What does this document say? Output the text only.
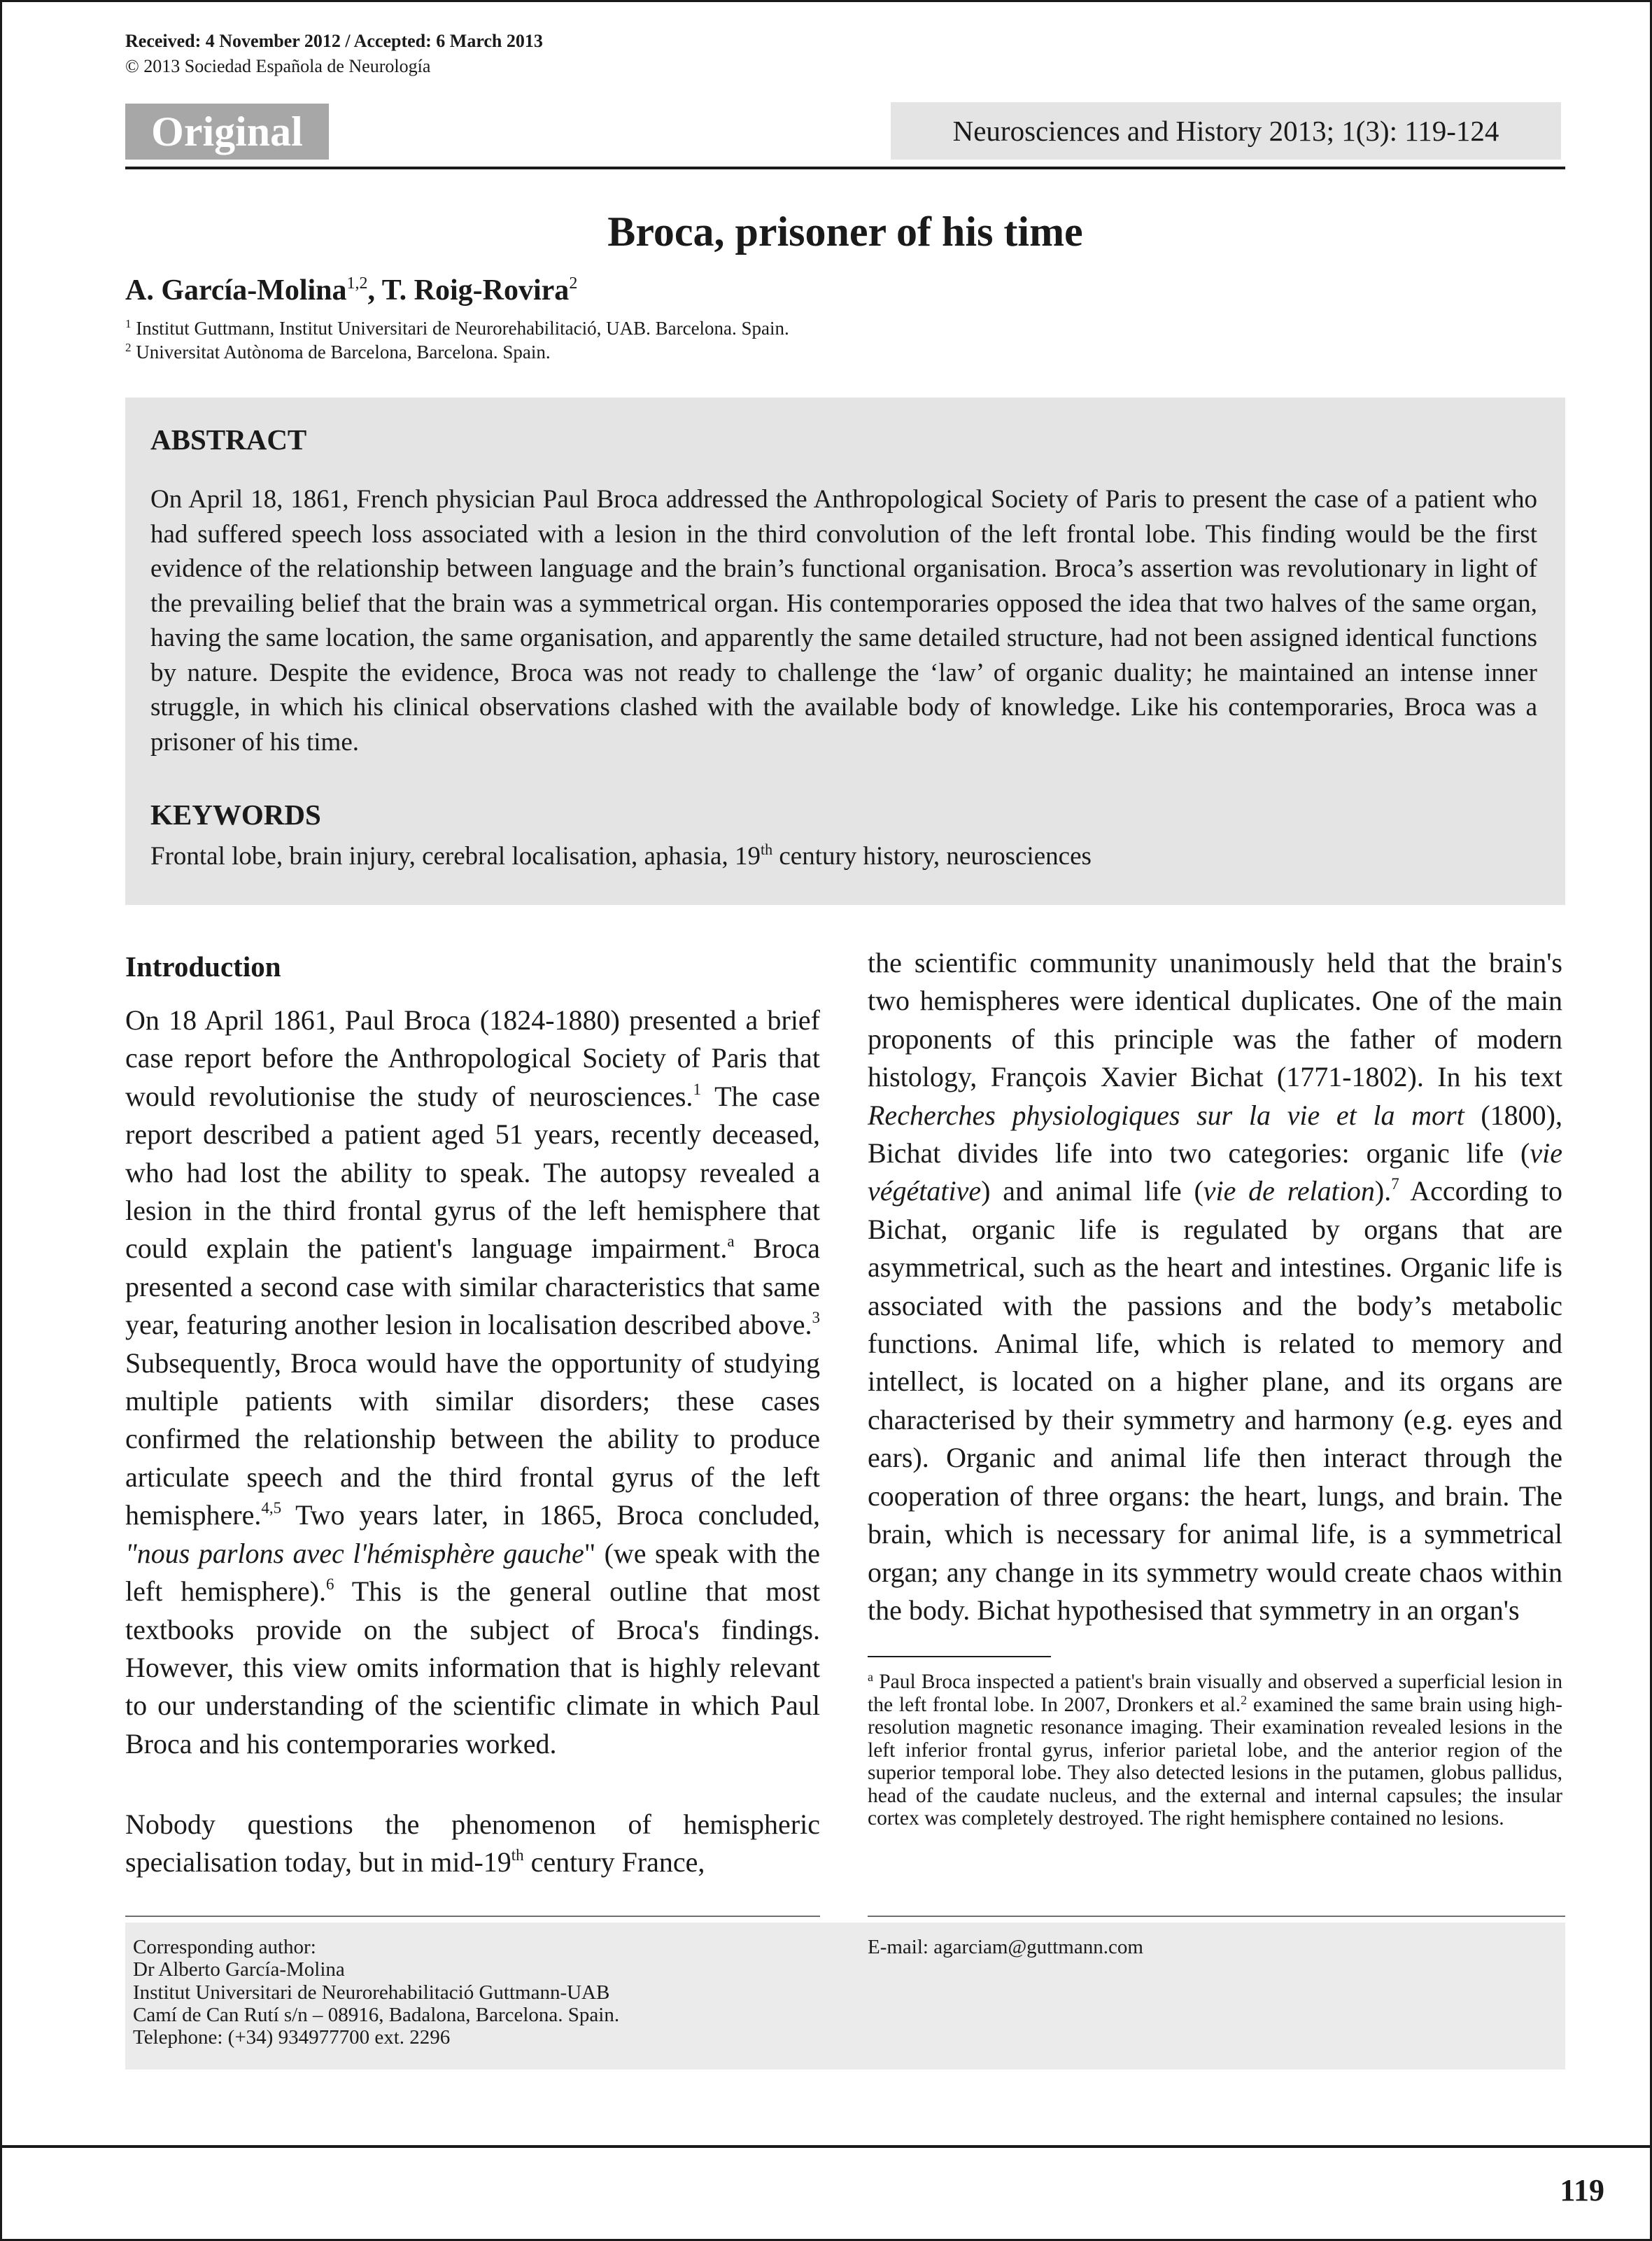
Received: 4 November 2012 / Accepted: 6 March 2013
© 2013 Sociedad Española de Neurología
Original	Neurosciences and History 2013; 1(3): 119-124
Broca, prisoner of his time
A. García-Molina$^{1,2}$, T. Roig-Rovira$^2$
$^1$ Institut Guttmann, Institut Universitari de Neurorehabilitació, UAB. Barcelona. Spain.
$^2$ Universitat Autònoma de Barcelona, Barcelona. Spain.
ABSTRACT
On April 18, 1861, French physician Paul Broca addressed the Anthropological Society of Paris to present the case of a patient who had suffered speech loss associated with a lesion in the third convolution of the left frontal lobe. This finding would be the first evidence of the relationship between language and the brain’s functional organisation. Broca’s assertion was revolutionary in light of the prevailing belief that the brain was a symmetrical organ. His contemporaries opposed the idea that two halves of the same organ, having the same location, the same organisation, and apparently the same detailed structure, had not been assigned identical functions by nature. Despite the evidence, Broca was not ready to challenge the ‘law’ of organic duality; he maintained an intense inner struggle, in which his clinical observations clashed with the available body of knowledge. Like his contemporaries, Broca was a prisoner of his time.
KEYWORDS
Frontal lobe, brain injury, cerebral localisation, aphasia, 19th century history, neurosciences
Introduction
On 18 April 1861, Paul Broca (1824-1880) presented a brief case report before the Anthropological Society of Paris that would revolutionise the study of neurosciences.$^1$ The case report described a patient aged 51 years, recently deceased, who had lost the ability to speak. The autopsy revealed a lesion in the third frontal gyrus of the left hemisphere that could explain the patient's language impairment.$^a$ Broca presented a second case with similar characteristics that same year, featuring another lesion in localisation described above.$^3$ Subsequently, Broca would have the opportunity of studying multiple patients with similar disorders; these cases confirmed the relationship between the ability to produce articulate speech and the third frontal gyrus of the left hemisphere.$^{4,5}$ Two years later, in 1865, Broca concluded, "nous parlons avec l'hémisphère gauche" (we speak with the left hemisphere).$^6$ This is the general outline that most textbooks provide on the subject of Broca's findings. However, this view omits information that is highly relevant to our understanding of the scientific climate in which Paul Broca and his contemporaries worked.
Nobody questions the phenomenon of hemispheric specialisation today, but in mid-19th century France,
the scientific community unanimously held that the brain's two hemispheres were identical duplicates. One of the main proponents of this principle was the father of modern histology, François Xavier Bichat (1771-1802). In his text Recherches physiologiques sur la vie et la mort (1800), Bichat divides life into two categories: organic life (vie végétative) and animal life (vie de relation).$^7$ According to Bichat, organic life is regulated by organs that are asymmetrical, such as the heart and intestines. Organic life is associated with the passions and the body’s metabolic functions. Animal life, which is related to memory and intellect, is located on a higher plane, and its organs are characterised by their symmetry and harmony (e.g. eyes and ears). Organic and animal life then interact through the cooperation of three organs: the heart, lungs, and brain. The brain, which is necessary for animal life, is a symmetrical organ; any change in its symmetry would create chaos within the body. Bichat hypothesised that symmetry in an organ's
$^a$ Paul Broca inspected a patient's brain visually and observed a superficial lesion in the left frontal lobe. In 2007, Dronkers et al.$^2$ examined the same brain using high-resolution magnetic resonance imaging. Their examination revealed lesions in the left inferior frontal gyrus, inferior parietal lobe, and the anterior region of the superior temporal lobe. They also detected lesions in the putamen, globus pallidus, head of the caudate nucleus, and the external and internal capsules; the insular cortex was completely destroyed. The right hemisphere contained no lesions.
Corresponding author:
Dr Alberto García-Molina
Institut Universitari de Neurorehabilitació Guttmann-UAB
Camí de Can Rutí s/n – 08916, Badalona, Barcelona. Spain.
Telephone: (+34) 934977700 ext. 2296
E-mail: agarciam@guttmann.com
119
